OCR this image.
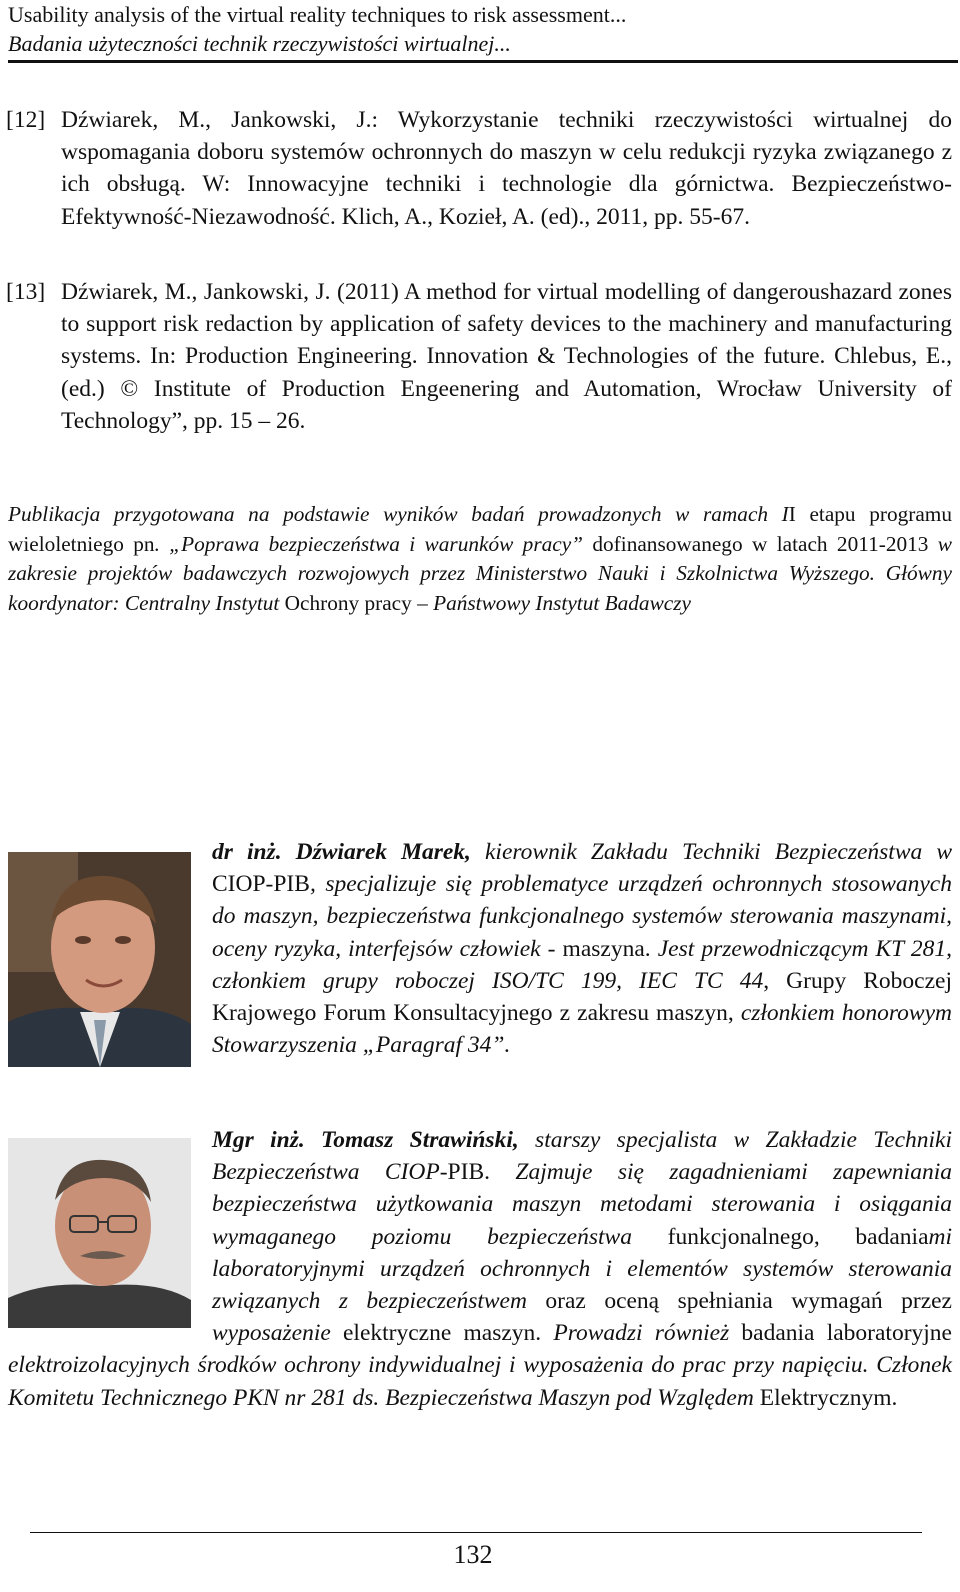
Usability analysis of the virtual reality techniques to risk assessment...
Badania użyteczności technik rzeczywistości wirtualnej...
[12] Dźwiarek, M., Jankowski, J.: Wykorzystanie techniki rzeczywistości wirtualnej do wspomagania doboru systemów ochronnych do maszyn w celu redukcji ryzyka związanego z ich obsługą. W: Innowacyjne techniki i technologie dla górnictwa. Bezpieczeństwo-Efektywność-Niezawodność. Klich, A., Kozieł, A. (ed)., 2011, pp. 55-67.
[13] Dźwiarek, M., Jankowski, J. (2011) A method for virtual modelling of dangeroushazard zones to support risk redaction by application of safety devices to the machinery and manufacturing systems. In: Production Engineering. Innovation & Technologies of the future. Chlebus, E., (ed.) © Institute of Production Engeenering and Automation, Wrocław University of Technology”, pp. 15 – 26.
Publikacja przygotowana na podstawie wyników badań prowadzonych w ramach II etapu programu wieloletniego pn. „Poprawa bezpieczeństwa i warunków pracy” dofinansowanego w latach 2011-2013 w zakresie projektów badawczych rozwojowych przez Ministerstwo Nauki i Szkolnictwa Wyższego. Główny koordynator: Centralny Instytut Ochrony pracy – Państwowy Instytut Badawczy
dr inż. Dźwiarek Marek, kierownik Zakładu Techniki Bezpieczeństwa w CIOP-PIB, specjalizuje się problematyce urządzeń ochronnych stosowanych do maszyn, bezpieczeństwa funkcjonalnego systemów sterowania maszynami, oceny ryzyka, interfejsów człowiek - maszyna. Jest przewodniczącym KT 281, członkiem grupy roboczej ISO/TC 199, IEC TC 44, Grupy Roboczej Krajowego Forum Konsultacyjnego z zakresu maszyn, członkiem honorowym Stowarzyszenia „Paragraf 34”.
Mgr inż. Tomasz Strawiński, starszy specjalista w Zakładzie Techniki Bezpieczeństwa CIOP-PIB. Zajmuje się zagadnieniami zapewniania bezpieczeństwa użytkowania maszyn metodami sterowania i osiągania wymaganego poziomu bezpieczeństwa funkcjonalnego, badaniami laboratoryjnymi urządzeń ochronnych i elementów systemów sterowania związanych z bezpieczeństwem oraz oceną spełniania wymagań przez wyposażenie elektryczne maszyn. Prowadzi również badania laboratoryjne elektroizolacyjnych środków ochrony indywidualnej i wyposażenia do prac przy napięciu. Członek Komitetu Technicznego PKN nr 281 ds. Bezpieczeństwa Maszyn pod Względem Elektrycznym.
132
